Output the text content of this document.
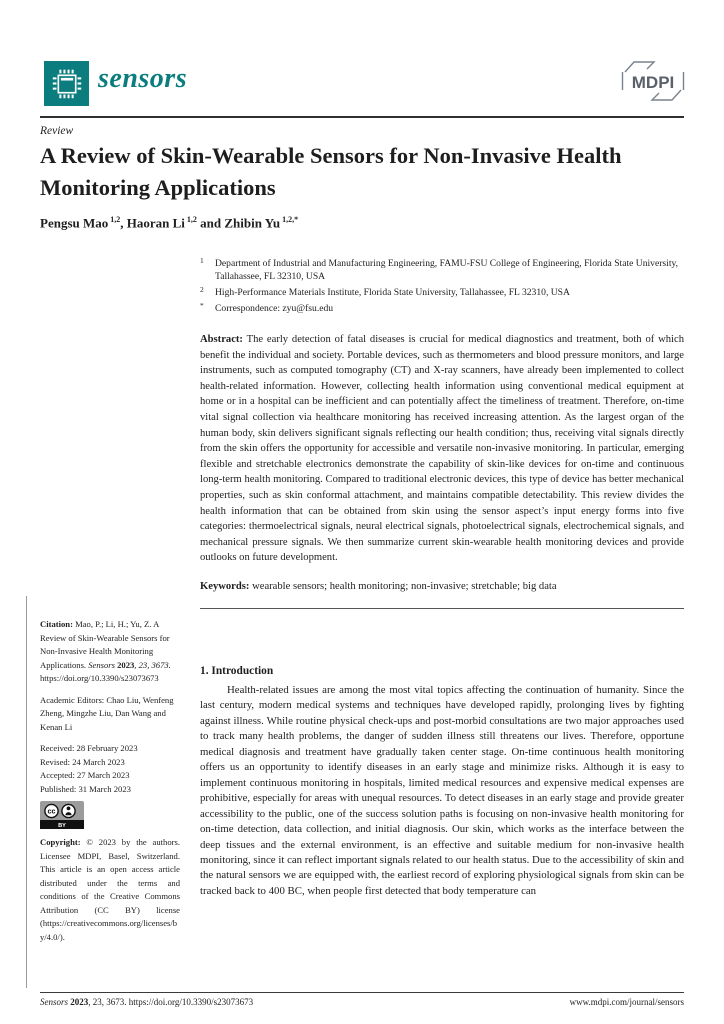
sensors	MDPI
Review
A Review of Skin-Wearable Sensors for Non-Invasive Health Monitoring Applications
Pengsu Mao $^{1,2}$, Haoran Li $^{1,2}$ and Zhibin Yu $^{1,2,*}$
$^1$ Department of Industrial and Manufacturing Engineering, FAMU-FSU College of Engineering, Florida State University, Tallahassee, FL 32310, USA
$^2$ High-Performance Materials Institute, Florida State University, Tallahassee, FL 32310, USA
* Correspondence: zyu@fsu.edu

Abstract: The early detection of fatal diseases is crucial for medical diagnostics and treatment, both of which benefit the individual and society. Portable devices, such as thermometers and blood pressure monitors, and large instruments, such as computed tomography (CT) and X-ray scanners, have already been implemented to collect health-related information. However, collecting health information using conventional medical equipment at home or in a hospital can be inefficient and can potentially affect the timeliness of treatment. Therefore, on-time vital signal collection via healthcare monitoring has received increasing attention. As the largest organ of the human body, skin delivers significant signals reflecting our health condition; thus, receiving vital signals directly from the skin offers the opportunity for accessible and versatile non-invasive monitoring. In particular, emerging flexible and stretchable electronics demonstrate the capability of skin-like devices for on-time and continuous long-term health monitoring. Compared to traditional electronic devices, this type of device has better mechanical properties, such as skin conformal attachment, and maintains compatible detectability. This review divides the health information that can be obtained from skin using the sensor aspect’s input energy forms into five categories: thermoelectrical signals, neural electrical signals, photoelectrical signals, electrochemical signals, and mechanical pressure signals. We then summarize current skin-wearable health monitoring devices and provide outlooks on future development.

Keywords: wearable sensors; health monitoring; non-invasive; stretchable; big data

Citation: Mao, P.; Li, H.; Yu, Z. A Review of Skin-Wearable Sensors for Non-Invasive Health Monitoring Applications. Sensors 2023, 23, 3673. https://doi.org/10.3390/s23073673
Academic Editors: Chao Liu, Wenfeng Zheng, Mingzhe Liu, Dan Wang and Kenan Li
Received: 28 February 2023
Revised: 24 March 2023
Accepted: 27 March 2023
Published: 31 March 2023
cc
BY
Copyright: © 2023 by the authors. Licensee MDPI, Basel, Switzerland. This article is an open access article distributed under the terms and conditions of the Creative Commons Attribution (CC BY) license (https://creativecommons.org/licenses/by/4.0/).
1. Introduction

Health-related issues are among the most vital topics affecting the continuation of humanity. Since the last century, modern medical systems and techniques have developed rapidly, prolonging lives by fighting against illness. While routine physical check-ups and post-morbid consultations are two major approaches used to track many health problems, the danger of sudden illness still threatens our lives. Therefore, opportune medical diagnosis and treatment have gradually taken center stage. On-time continuous health monitoring offers us an opportunity to identify diseases in an early stage and minimize risks. Although it is easy to implement continuous monitoring in hospitals, limited medical resources and expensive medical expenses are prohibitive, especially for areas with unequal resources. To detect diseases in an early stage and provide greater accessibility to the public, one of the success solution paths is focusing on non-invasive health monitoring for on-time detection, data collection, and initial diagnosis. Our skin, which works as the interface between the deep tissues and the external environment, is an effective and suitable medium for non-invasive health monitoring, since it can reflect important signals related to our health status. Due to the accessibility of skin and the natural sensors we are equipped with, the earliest record of exploring physiological signals from skin can be tracked back to 400 BC, when people first detected that body temperature can

Sensors 2023, 23, 3673. https://doi.org/10.3390/s23073673	www.mdpi.com/journal/sensors
